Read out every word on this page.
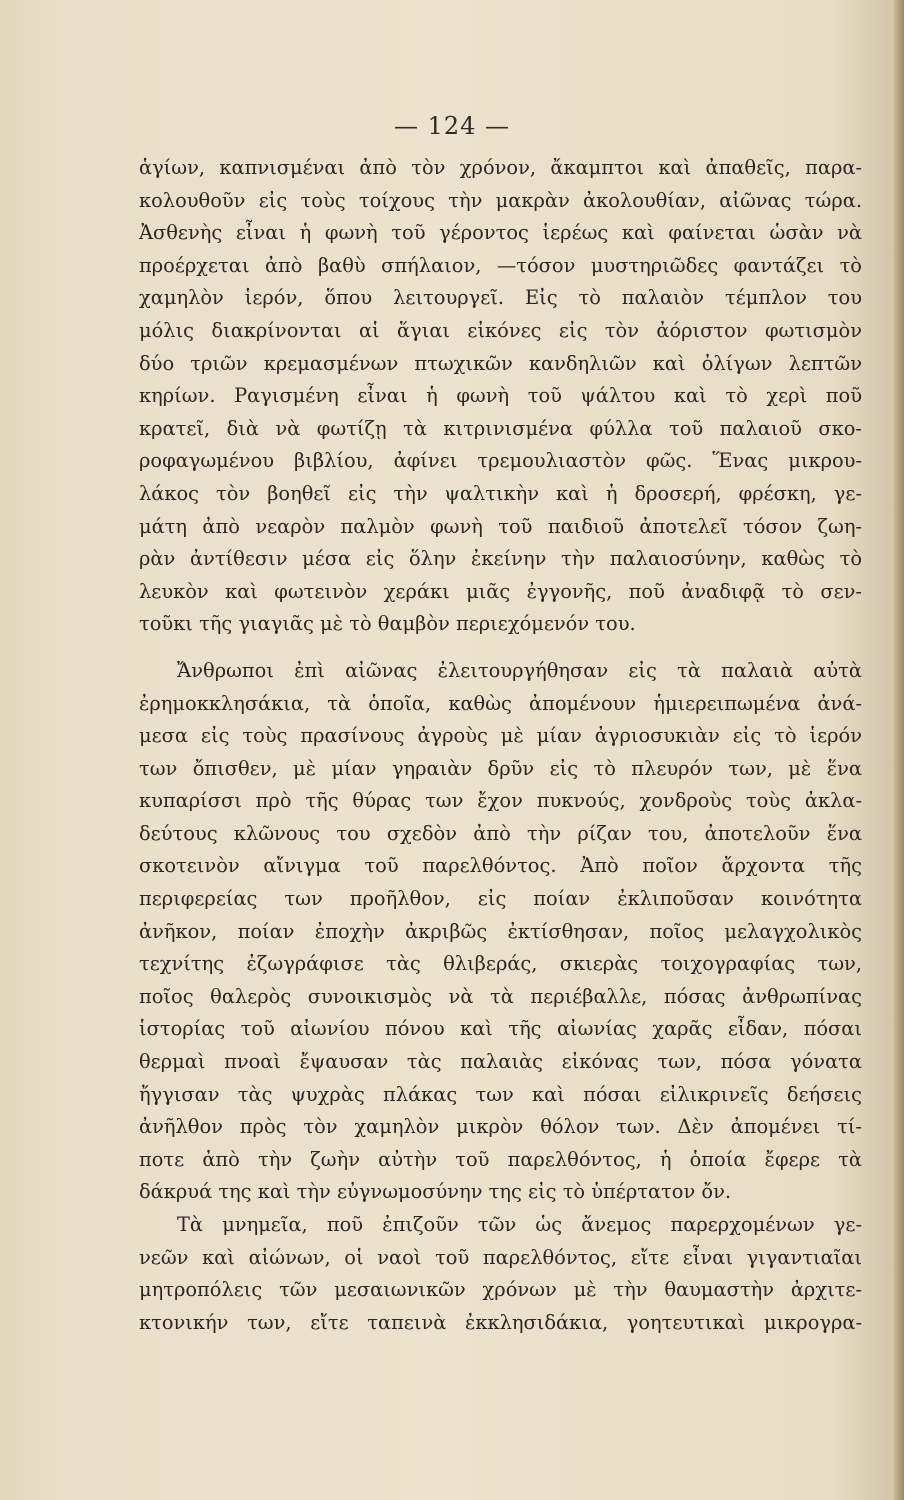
— 124 —

ἁγίων, καπνισμέναι ἀπὸ τὸν χρόνον, ἄκαμπτοι καὶ ἀπαθεῖς, παρα-
κολουθοῦν εἰς τοὺς τοίχους τὴν μακρὰν ἀκολουθίαν, αἰῶνας τώρα.
Ἀσθενὴς εἶναι ἡ φωνὴ τοῦ γέροντος ἱερέως καὶ φαίνεται ὡσὰν νὰ
προέρχεται ἀπὸ βαθὺ σπήλαιον, —τόσον μυστηριῶδες φαντάζει τὸ
χαμηλὸν ἱερόν, ὅπου λειτουργεῖ. Εἰς τὸ παλαιὸν τέμπλον του
μόλις διακρίνονται αἱ ἅγιαι εἰκόνες εἰς τὸν ἀόριστον φωτισμὸν
δύο τριῶν κρεμασμένων πτωχικῶν κανδηλιῶν καὶ ὀλίγων λεπτῶν
κηρίων. Ραγισμένη εἶναι ἡ φωνὴ τοῦ ψάλτου καὶ τὸ χερὶ ποῦ
κρατεῖ, διὰ νὰ φωτίζῃ τὰ κιτρινισμένα φύλλα τοῦ παλαιοῦ σκο-
ροφαγωμένου βιβλίου, ἀφίνει τρεμουλιαστὸν φῶς. Ἕνας μικρου-
λάκος τὸν βοηθεῖ εἰς τὴν ψαλτικὴν καὶ ἡ δροσερή, φρέσκη, γε-
μάτη ἀπὸ νεαρὸν παλμὸν φωνὴ τοῦ παιδιοῦ ἀποτελεῖ τόσον ζωη-
ρὰν ἀντίθεσιν μέσα εἰς ὅλην ἐκείνην τὴν παλαιοσύνην, καθὼς τὸ
λευκὸν καὶ φωτεινὸν χεράκι μιᾶς ἐγγονῆς, ποῦ ἀναδιφᾷ τὸ σεν-
τοῦκι τῆς γιαγιᾶς μὲ τὸ θαμβὸν περιεχόμενόν του.

Ἄνθρωποι ἐπὶ αἰῶνας ἐλειτουργήθησαν εἰς τὰ παλαιὰ αὐτὰ
ἐρημοκκλησάκια, τὰ ὁποῖα, καθὼς ἀπομένουν ἡμιερειπωμένα ἀνά-
μεσα εἰς τοὺς πρασίνους ἀγροὺς μὲ μίαν ἀγριοσυκιὰν εἰς τὸ ἱερόν
των ὄπισθεν, μὲ μίαν γηραιὰν δρῦν εἰς τὸ πλευρόν των, μὲ ἕνα
κυπαρίσσι πρὸ τῆς θύρας των ἔχον πυκνούς, χονδροὺς τοὺς ἀκλα-
δεύτους κλῶνους του σχεδὸν ἀπὸ τὴν ρίζαν του, ἀποτελοῦν ἕνα
σκοτεινὸν αἴνιγμα τοῦ παρελθόντος. Ἀπὸ ποῖον ἄρχοντα τῆς
περιφερείας των προῆλθον, εἰς ποίαν ἐκλιποῦσαν κοινότητα
ἀνῆκον, ποίαν ἐποχὴν ἀκριβῶς ἐκτίσθησαν, ποῖος μελαγχολικὸς
τεχνίτης ἐζωγράφισε τὰς θλιβεράς, σκιερὰς τοιχογραφίας των,
ποῖος θαλερὸς συνοικισμὸς νὰ τὰ περιέβαλλε, πόσας ἀνθρωπίνας
ἱστορίας τοῦ αἰωνίου πόνου καὶ τῆς αἰωνίας χαρᾶς εἶδαν, πόσαι
θερμαὶ πνοαὶ ἔψαυσαν τὰς παλαιὰς εἰκόνας των, πόσα γόνατα
ἤγγισαν τὰς ψυχρὰς πλάκας των καὶ πόσαι εἰλικρινεῖς δεήσεις
ἀνῆλθον πρὸς τὸν χαμηλὸν μικρὸν θόλον των. Δὲν ἀπομένει τί-
ποτε ἀπὸ τὴν ζωὴν αὐτὴν τοῦ παρελθόντος, ἡ ὁποία ἔφερε τὰ
δάκρυά της καὶ τὴν εὐγνωμοσύνην της εἰς τὸ ὑπέρτατον ὄν.

Τὰ μνημεῖα, ποῦ ἐπιζοῦν τῶν ὡς ἄνεμος παρερχομένων γε-
νεῶν καὶ αἰώνων, οἱ ναοὶ τοῦ παρελθόντος, εἴτε εἶναι γιγαντιαῖαι
μητροπόλεις τῶν μεσαιωνικῶν χρόνων μὲ τὴν θαυμαστὴν ἀρχιτε-
κτονικήν των, εἴτε ταπεινὰ ἐκκλησιδάκια, γοητευτικαὶ μικρογρα-
